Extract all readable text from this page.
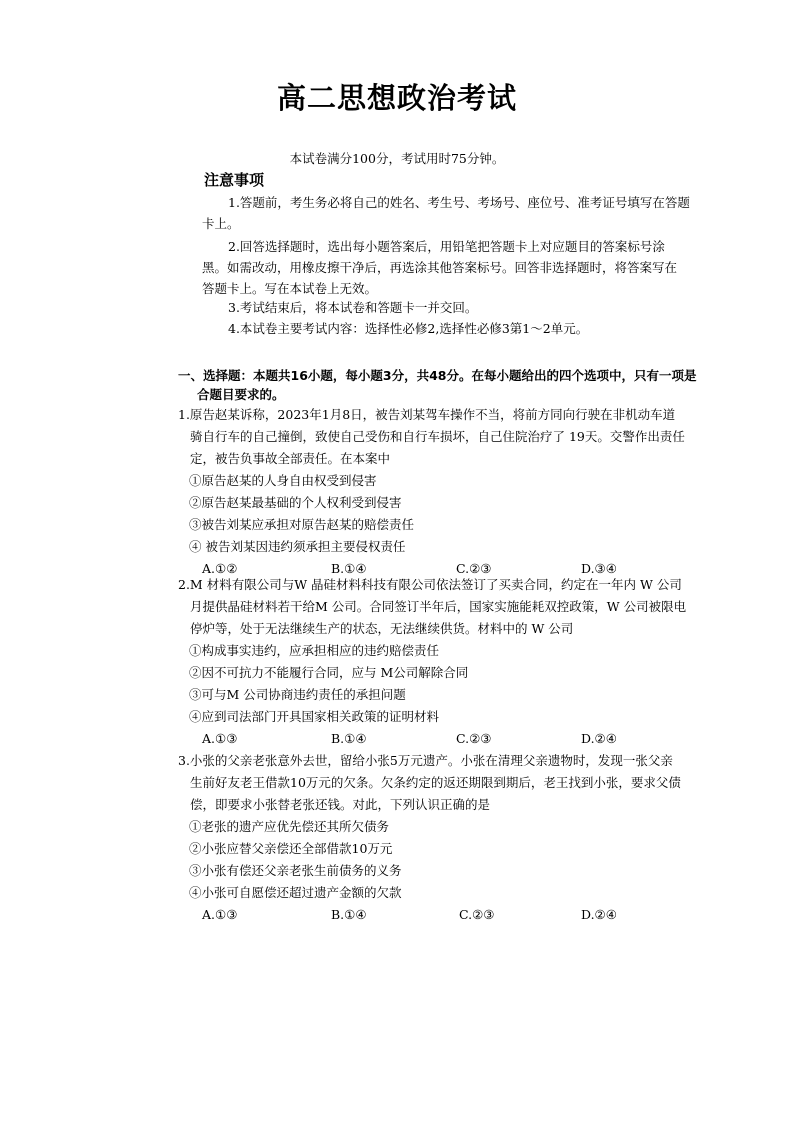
高二思想政治考试
本试卷满分100分，考试用时75分钟。
注意事项

1.答题前，考生务必将自己的姓名、考生号、考场号、座位号、准考证号填写在答题

卡上。

2.回答选择题时，选出每小题答案后，用铅笔把答题卡上对应题目的答案标号涂

黑。如需改动，用橡皮擦干净后，再选涂其他答案标号。回答非选择题时，将答案写在
答题卡上。写在本试卷上无效。

3.考试结束后，将本试卷和答题卡一并交回。

4.本试卷主要考试内容：选择性必修2,选择性必修3第1～2单元。

一、选择题：本题共16小题，每小题3分，共48分。在每小题给出的四个选项中，只有一项是
合题目要求的。
1.原告赵某诉称，2023年1月8日，被告刘某驾车操作不当，将前方同向行驶在非机动车道
骑自行车的自己撞倒，致使自己受伤和自行车损坏，自己住院治疗了 19天。交警作出责任
定，被告负事故全部责任。在本案中
①原告赵某的人身自由权受到侵害
②原告赵某最基础的个人权利受到侵害
③被告刘某应承担对原告赵某的赔偿责任
④ 被告刘某因违约须承担主要侵权责任
A.①②	B.①④	C.②③	D.③④
2.M 材料有限公司与W 晶硅材料科技有限公司依法签订了买卖合同，约定在一年内 W 公司
月提供晶硅材料若干给M 公司。合同签订半年后，国家实施能耗双控政策，W 公司被限电
停炉等，处于无法继续生产的状态，无法继续供货。材料中的 W 公司
①构成事实违约，应承担相应的违约赔偿责任
②因不可抗力不能履行合同，应与 M公司解除合同
③可与M 公司协商违约责任的承担问题
④应到司法部门开具国家相关政策的证明材料
A.①③	B.①④	C.②③	D.②④
3.小张的父亲老张意外去世，留给小张5万元遗产。小张在清理父亲遗物时，发现一张父亲
生前好友老王借款10万元的欠条。欠条约定的返还期限到期后，老王找到小张，要求父债
偿，即要求小张替老张还钱。对此，下列认识正确的是
①老张的遗产应优先偿还其所欠债务
②小张应替父亲偿还全部借款10万元
③小张有偿还父亲老张生前债务的义务
④小张可自愿偿还超过遗产金额的欠款
A.①③	B.①④	C.②③	D.②④
